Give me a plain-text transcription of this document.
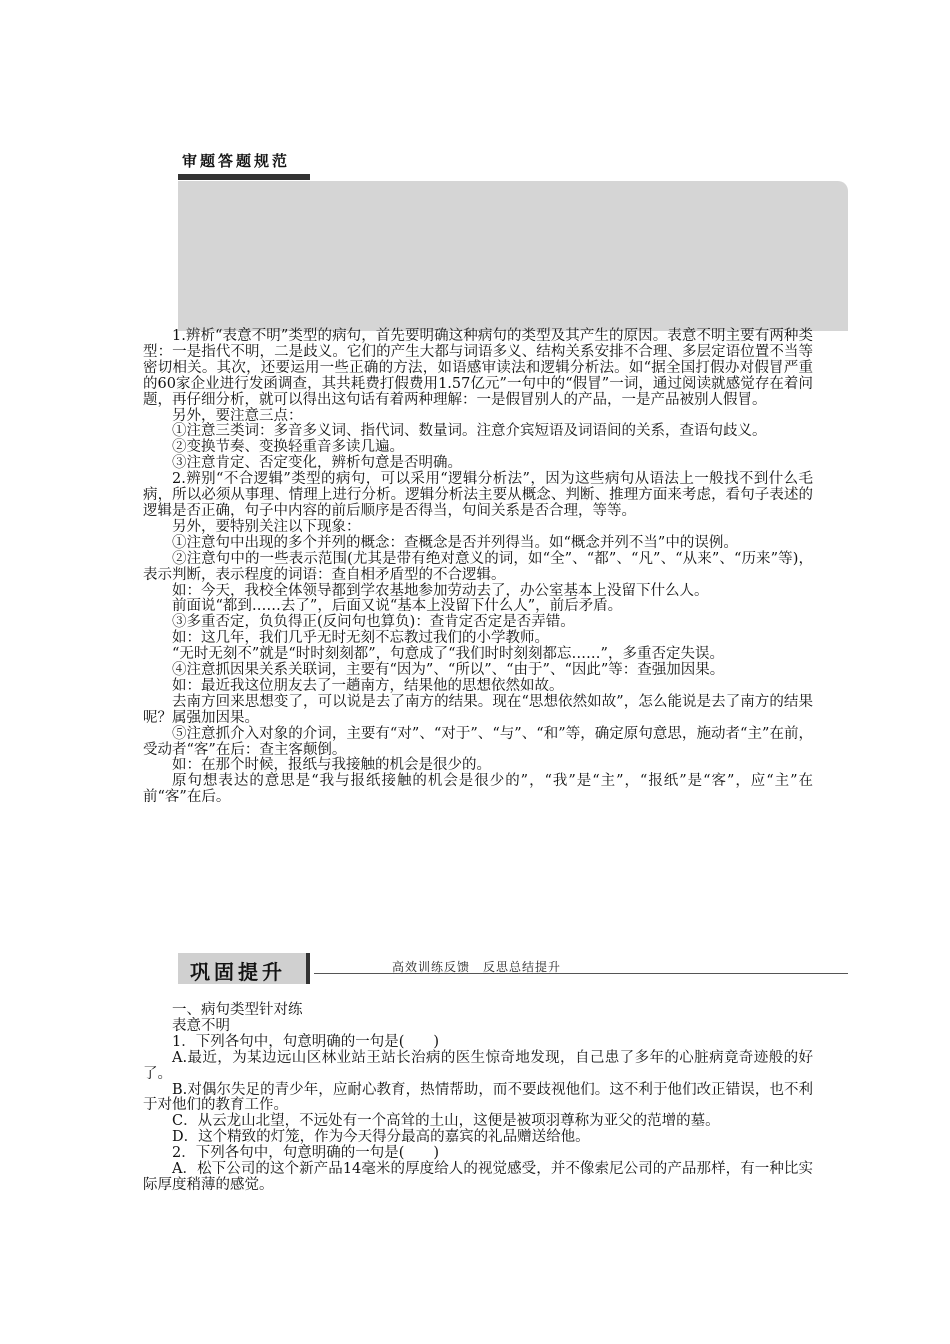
审题答题规范

1.辨析“表意不明”类型的病句，首先要明确这种病句的类型及其产生的原因。表意不明主要有两种类型：一是指代不明，二是歧义。它们的产生大都与词语多义、结构关系安排不合理、多层定语位置不当等密切相关。其次，还要运用一些正确的方法，如语感审读法和逻辑分析法。如“据全国打假办对假冒严重的60家企业进行发函调查，其共耗费打假费用1.57亿元”一句中的“假冒”一词，通过阅读就感觉存在着问题，再仔细分析，就可以得出这句话有着两种理解：一是假冒别人的产品，一是产品被别人假冒。

另外，要注意三点：

①注意三类词：多音多义词、指代词、数量词。注意介宾短语及词语间的关系，查语句歧义。

②变换节奏、变换轻重音多读几遍。

③注意肯定、否定变化，辨析句意是否明确。

2.辨别“不合逻辑”类型的病句，可以采用“逻辑分析法”，因为这些病句从语法上一般找不到什么毛病，所以必须从事理、情理上进行分析。逻辑分析法主要从概念、判断、推理方面来考虑，看句子表述的逻辑是否正确，句子中内容的前后顺序是否得当，句间关系是否合理，等等。

另外，要特别关注以下现象：

①注意句中出现的多个并列的概念：查概念是否并列得当。如“概念并列不当”中的误例。

②注意句中的一些表示范围(尤其是带有绝对意义的词，如“全”、“都”、“凡”、“从来”、“历来”等)，表示判断，表示程度的词语：查自相矛盾型的不合逻辑。

如：今天，我校全体领导都到学农基地参加劳动去了，办公室基本上没留下什么人。

前面说“都到……去了”，后面又说“基本上没留下什么人”，前后矛盾。

③多重否定，负负得正(反问句也算负)：查肯定否定是否弄错。

如：这几年，我们几乎无时无刻不忘教过我们的小学教师。

“无时无刻不”就是“时时刻刻都”，句意成了“我们时时刻刻都忘……”，多重否定失误。

④注意抓因果关系关联词，主要有“因为”、“所以”、“由于”、“因此”等：查强加因果。

如：最近我这位朋友去了一趟南方，结果他的思想依然如故。

去南方回来思想变了，可以说是去了南方的结果。现在“思想依然如故”，怎么能说是去了南方的结果呢？属强加因果。

⑤注意抓介入对象的介词，主要有“对”、“对于”、“与”、“和”等，确定原句意思，施动者“主”在前，受动者“客”在后：查主客颠倒。

如：在那个时候，报纸与我接触的机会是很少的。

原句想表达的意思是“我与报纸接触的机会是很少的”，“我”是“主”，“报纸”是“客”，应“主”在前“客”在后。

巩固提升	高效训练反馈　反思总结提升

一、病句类型针对练

表意不明

1．下列各句中，句意明确的一句是(　　)

A.最近，为某边远山区林业站王站长治病的医生惊奇地发现，自己患了多年的心脏病竟奇迹般的好了。

B.对偶尔失足的青少年，应耐心教育，热情帮助，而不要歧视他们。这不利于他们改正错误，也不利于对他们的教育工作。

C．从云龙山北望，不远处有一个高耸的土山，这便是被项羽尊称为亚父的范增的墓。

D．这个精致的灯笼，作为今天得分最高的嘉宾的礼品赠送给他。

2．下列各句中，句意明确的一句是(　　)

A．松下公司的这个新产品14毫米的厚度给人的视觉感受，并不像索尼公司的产品那样，有一种比实际厚度稍薄的感觉。
